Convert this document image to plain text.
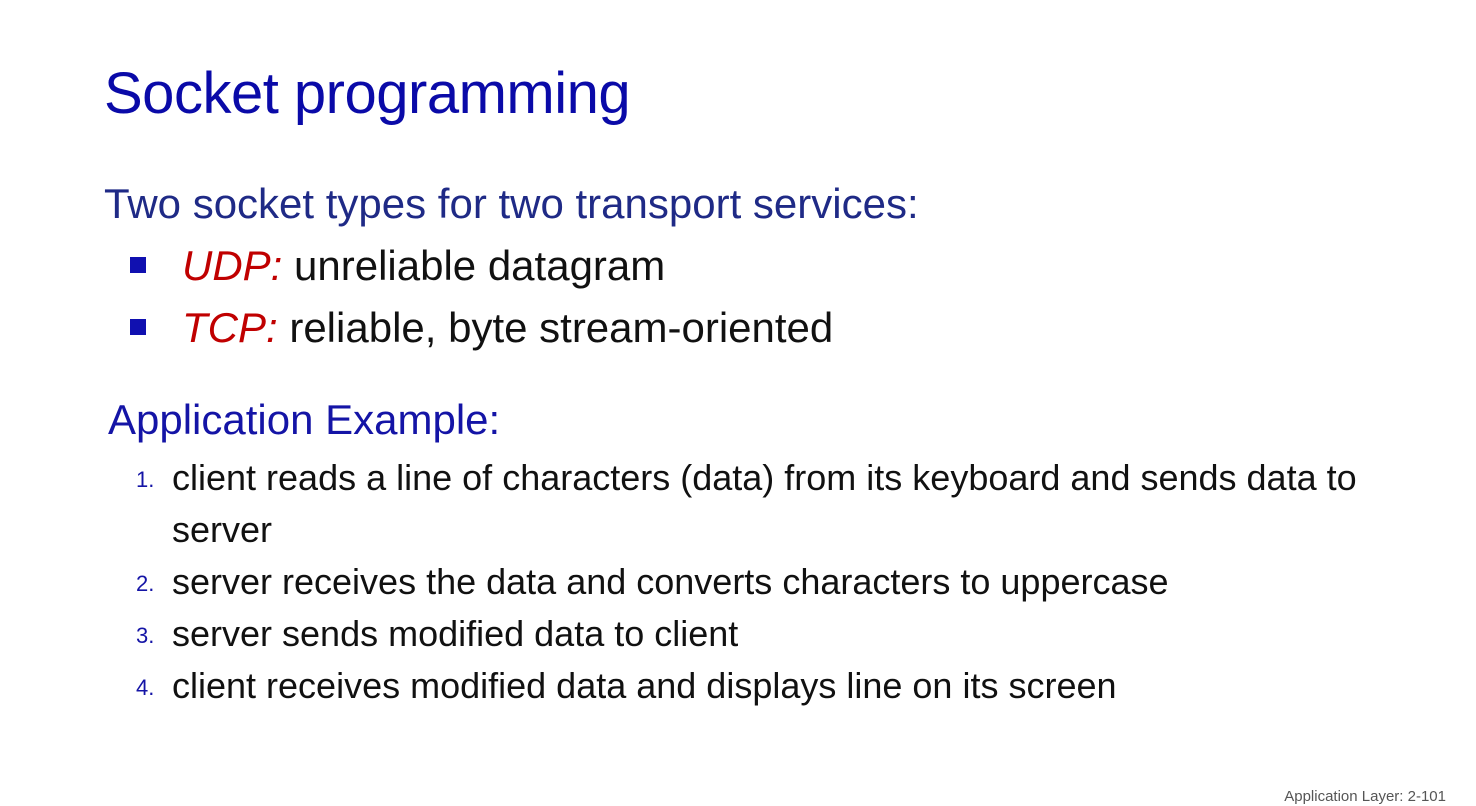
Socket programming
Two socket types for two transport services:
UDP: unreliable datagram
TCP: reliable, byte stream-oriented
Application Example:
1. client reads a line of characters (data) from its keyboard and sends data to server
2. server receives the data and converts characters to uppercase
3. server sends modified data to client
4. client receives modified data and displays line on its screen
Application Layer: 2-101
